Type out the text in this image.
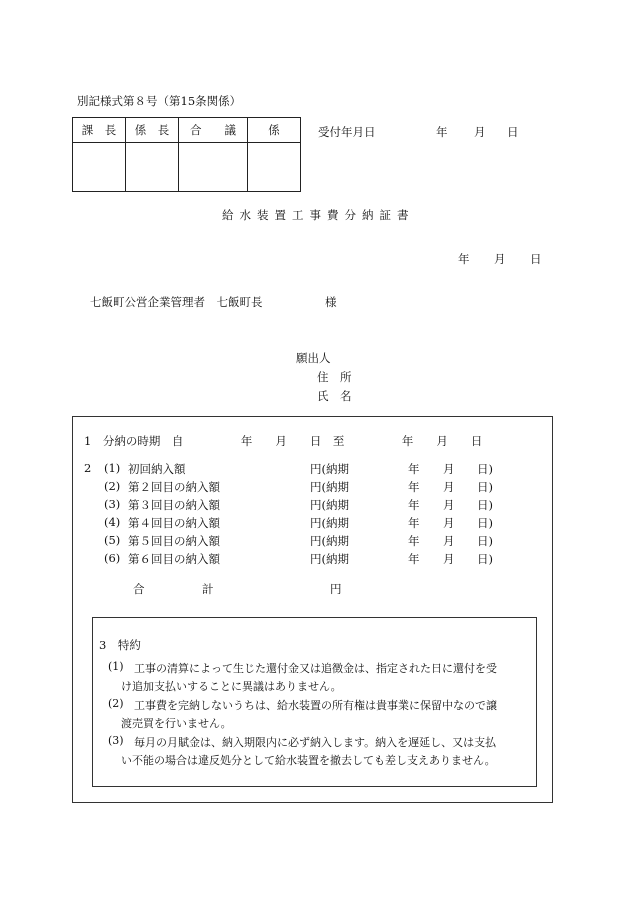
別記様式第８号（第15条関係）
課　長	係　長	合　　議	係
				受付年月日	年 月 日
給水装置工事費分納証書
年 月 日
七飯町公営企業管理者　七飯町長	様
願出人
住　所
氏　名
1　分納の時期　自　　　　　年　　月　　日　至　　　　　年　　月　　日
2 (1) 初回納入額	円(納期	年 月 日)
(2) 第２回目の納入額	円(納期	年 月 日)
(3) 第３回目の納入額	円(納期	年 月 日)
(4) 第４回目の納入額	円(納期	年 月 日)
(5) 第５回目の納入額	円(納期	年 月 日)
(6) 第６回目の納入額	円(納期	年 月 日)
合　　　　　計	円
3　特約
(1) 工事の清算によって生じた還付金又は追徴金は、指定された日に還付を受
け追加支払いすることに異議はありません。
(2) 工事費を完納しないうちは、給水装置の所有権は貴事業に保留中なので譲
渡売買を行いません。
(3) 毎月の月賦金は、納入期限内に必ず納入します。納入を遅延し、又は支払
い不能の場合は違反処分として給水装置を撤去しても差し支えありません。
